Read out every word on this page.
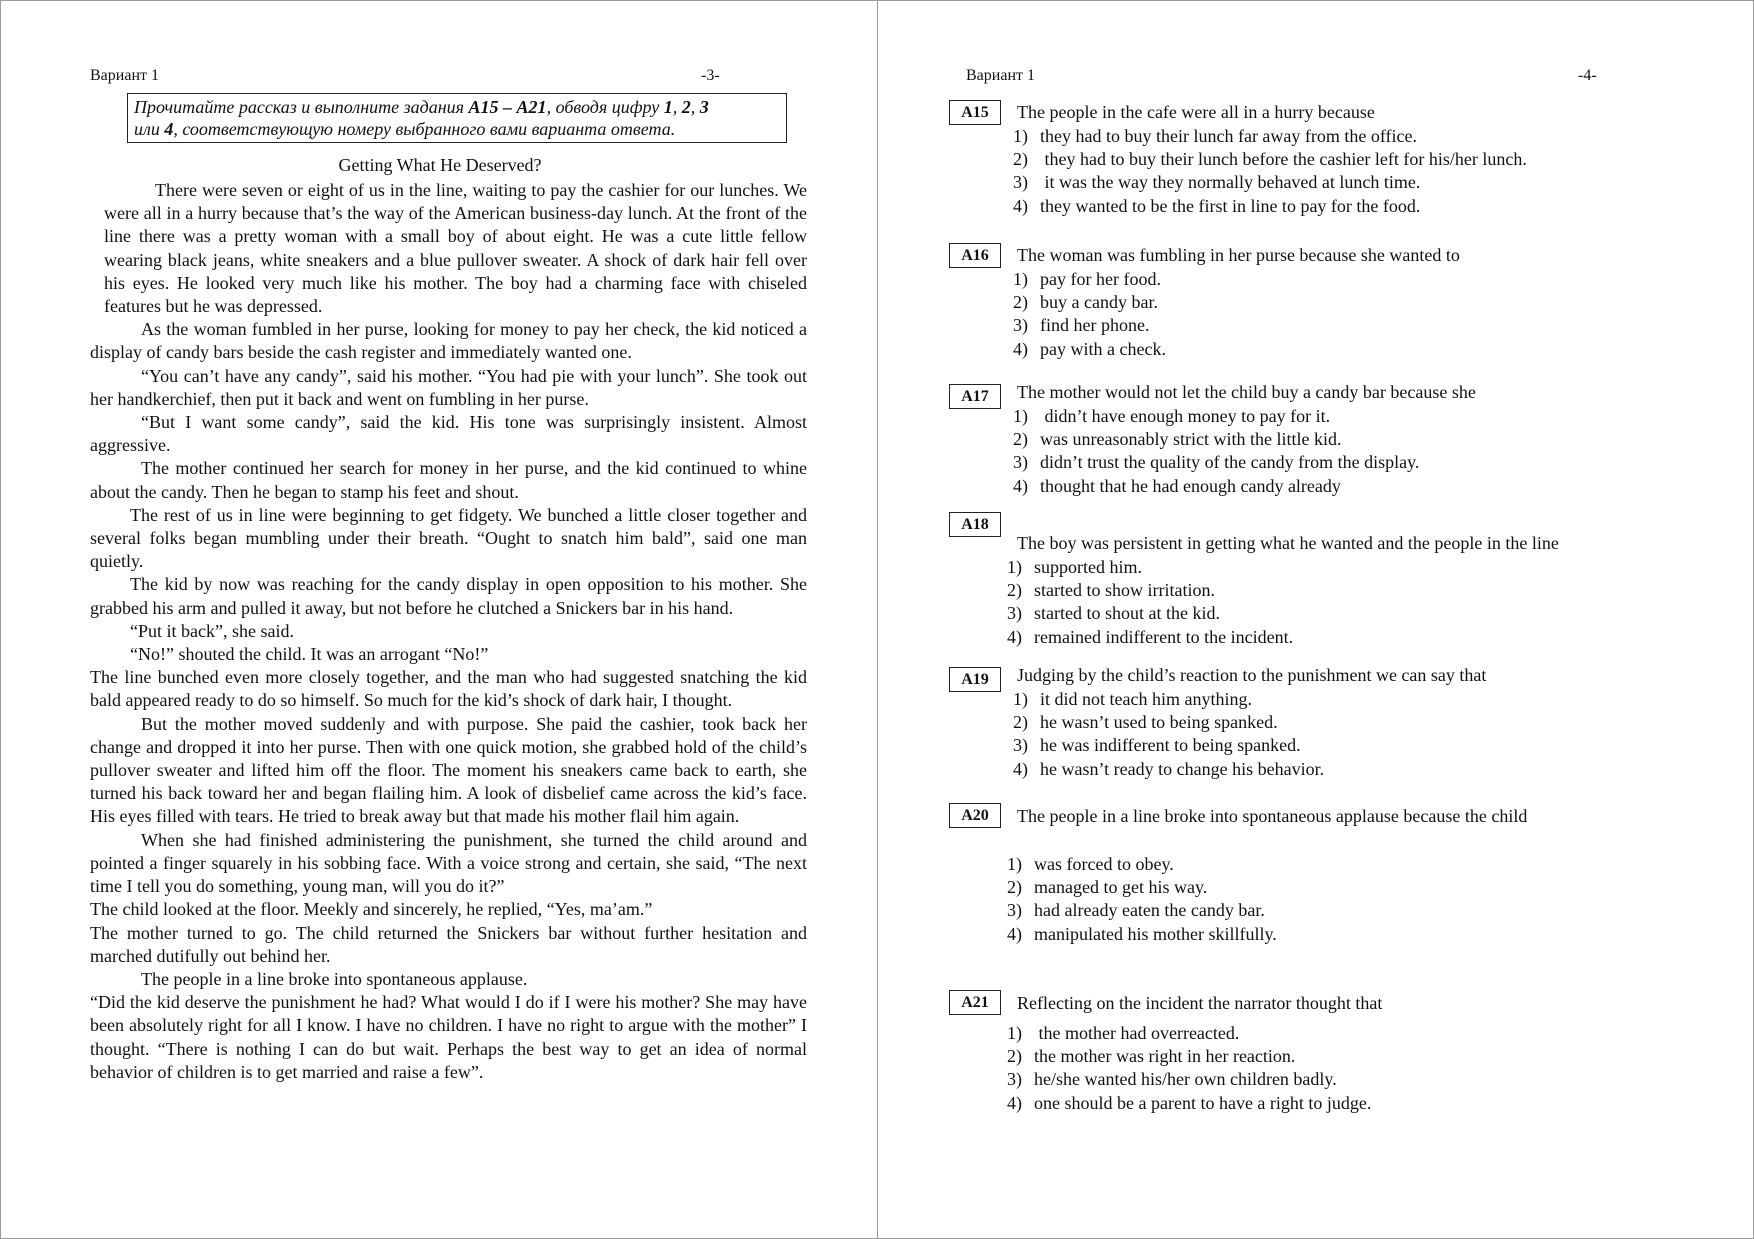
Вариант 1	-3-
Прочитайте рассказ и выполните задания А15 – А21, обводя цифру 1, 2, 3
или 4, соответствующую номеру выбранного вами варианта ответа.
Getting What He Deserved?

There were seven or eight of us in the line, waiting to pay the cashier for our lunches. We were all in a hurry because that’s the way of the American business-day lunch. At the front of the line there was a pretty woman with a small boy of about eight. He was a cute little fellow wearing black jeans, white sneakers and a blue pullover sweater. A shock of dark hair fell over his eyes. He looked very much like his mother. The boy had a charming face with chiseled features but he was depressed.

As the woman fumbled in her purse, looking for money to pay her check, the kid noticed a display of candy bars beside the cash register and immediately wanted one.

“You can’t have any candy”, said his mother. “You had pie with your lunch”. She took out her handkerchief, then put it back and went on fumbling in her purse.

“But I want some candy”, said the kid. His tone was surprisingly insistent. Almost aggressive.

The mother continued her search for money in her purse, and the kid continued to whine about the candy. Then he began to stamp his feet and shout.

The rest of us in line were beginning to get fidgety. We bunched a little closer together and several folks began mumbling under their breath. “Ought to snatch him bald”, said one man quietly.

The kid by now was reaching for the candy display in open opposition to his mother. She grabbed his arm and pulled it away, but not before he clutched a Snickers bar in his hand.

“Put it back”, she said.

“No!” shouted the child. It was an arrogant “No!”

The line bunched even more closely together, and the man who had suggested snatching the kid bald appeared ready to do so himself. So much for the kid’s shock of dark hair, I thought.

But the mother moved suddenly and with purpose. She paid the cashier, took back her change and dropped it into her purse. Then with one quick motion, she grabbed hold of the child’s pullover sweater and lifted him off the floor. The moment his sneakers came back to earth, she turned his back toward her and began flailing him. A look of disbelief came across the kid’s face. His eyes filled with tears. He tried to break away but that made his mother flail him again.

When she had finished administering the punishment, she turned the child around and pointed a finger squarely in his sobbing face. With a voice strong and certain, she said, “The next time I tell you do something, young man, will you do it?”

The child looked at the floor. Meekly and sincerely, he replied, “Yes, ma’am.”

The mother turned to go. The child returned the Snickers bar without further hesitation and marched dutifully out behind her.

The people in a line broke into spontaneous applause.

“Did the kid deserve the punishment he had? What would I do if I were his mother? She may have been absolutely right for all I know. I have no children. I have no right to argue with the mother” I thought. “There is nothing I can do but wait. Perhaps the best way to get an idea of normal behavior of children is to get married and raise a few”.

Вариант 1	-4-
A15	The people in the cafe were all in a hurry because
1) they had to buy their lunch far away from the office.
2) they had to buy their lunch before the cashier left for his/her lunch.
3) it was the way they normally behaved at lunch time.
4) they wanted to be the first in line to pay for the food.
A16	The woman was fumbling in her purse because she wanted to
1) pay for her food.
2) buy a candy bar.
3) find her phone.
4) pay with a check.
A17	The mother would not let the child buy a candy bar because she
1) didn’t have enough money to pay for it.
2) was unreasonably strict with the little kid.
3) didn’t trust the quality of the candy from the display.
4) thought that he had enough candy already
A18
The boy was persistent in getting what he wanted and the people in the line
1) supported him.
2) started to show irritation.
3) started to shout at the kid.
4) remained indifferent to the incident.
A19	Judging by the child’s reaction to the punishment we can say that
1) it did not teach him anything.
2) he wasn’t used to being spanked.
3) he was indifferent to being spanked.
4) he wasn’t ready to change his behavior.
A20	The people in a line broke into spontaneous applause because the child
1) was forced to obey.
2) managed to get his way.
3) had already eaten the candy bar.
4) manipulated his mother skillfully.
A21	Reflecting on the incident the narrator thought that
1) the mother had overreacted.
2) the mother was right in her reaction.
3) he/she wanted his/her own children badly.
4) one should be a parent to have a right to judge.
